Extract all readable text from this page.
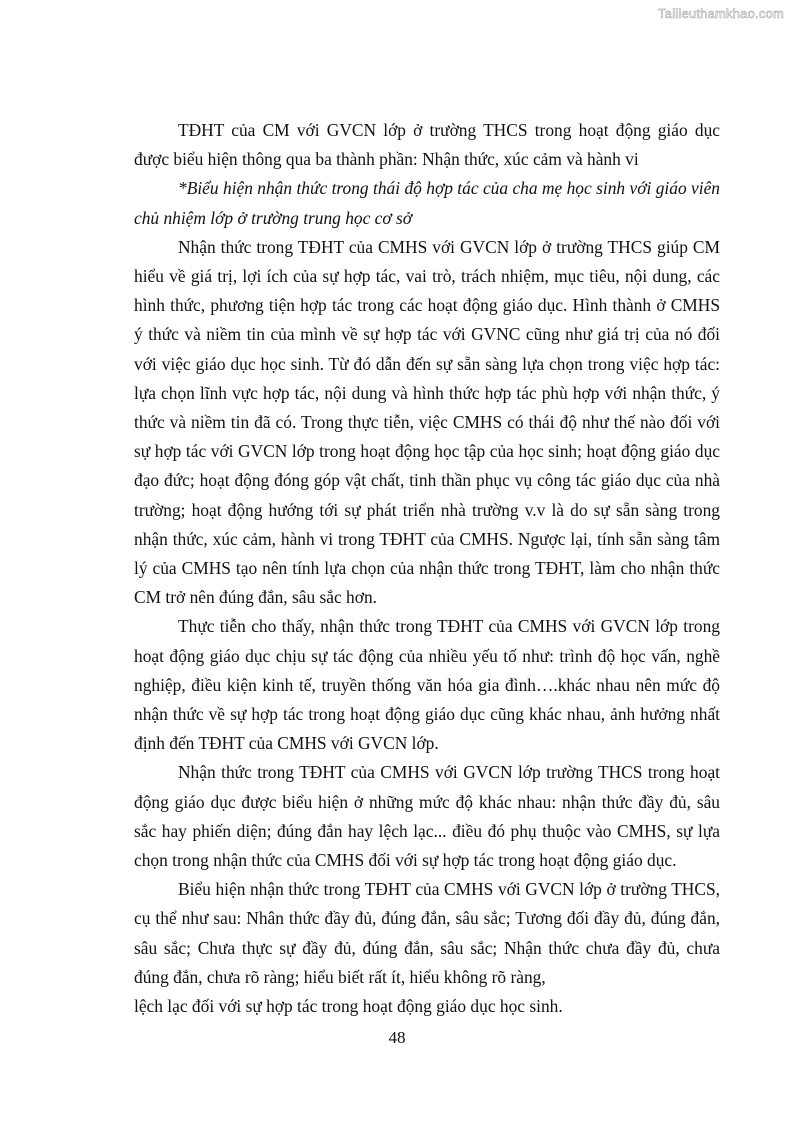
Tailieuthamkhao.com

TĐHT của CM với GVCN lớp ở trường THCS trong hoạt động giáo dục được biểu hiện thông qua ba thành phần: Nhận thức, xúc cảm và hành vi

*Biểu hiện nhận thức trong thái độ hợp tác của cha mẹ học sinh với giáo viên chủ nhiệm lớp ở trường trung học cơ sở

Nhận thức trong TĐHT của CMHS với GVCN lớp ở trường THCS giúp CM hiểu về giá trị, lợi ích của sự hợp tác, vai trò, trách nhiệm, mục tiêu, nội dung, các hình thức, phương tiện hợp tác trong các hoạt động giáo dục. Hình thành ở CMHS ý thức và niềm tin của mình về sự hợp tác với GVNC cũng như giá trị của nó đối với việc giáo dục học sinh. Từ đó dẫn đến sự sẵn sàng lựa chọn trong việc hợp tác: lựa chọn lĩnh vực hợp tác, nội dung và hình thức hợp tác phù hợp với nhận thức, ý thức và niềm tin đã có. Trong thực tiễn, việc CMHS có thái độ như thế nào đối với sự hợp tác với GVCN lớp trong hoạt động học tập của học sinh; hoạt động giáo dục đạo đức; hoạt động đóng góp vật chất, tinh thần phục vụ công tác giáo dục của nhà trường; hoạt động hướng tới sự phát triển nhà trường v.v là do sự sẵn sàng trong nhận thức, xúc cảm, hành vi trong TĐHT của CMHS. Ngược lại, tính sẵn sàng tâm lý của CMHS tạo nên tính lựa chọn của nhận thức trong TĐHT, làm cho nhận thức CM trở nên đúng đắn, sâu sắc hơn.

Thực tiễn cho thấy, nhận thức trong TĐHT của CMHS với GVCN lớp trong hoạt động giáo dục chịu sự tác động của nhiều yếu tố như: trình độ học vấn, nghề nghiệp, điều kiện kinh tế, truyền thống văn hóa gia đình….khác nhau nên mức độ nhận thức về sự hợp tác trong hoạt động giáo dục cũng khác nhau, ảnh hưởng nhất định đến TĐHT của CMHS với GVCN lớp.

Nhận thức trong TĐHT của CMHS với GVCN lớp trường THCS trong hoạt động giáo dục được biểu hiện ở những mức độ khác nhau: nhận thức đầy đủ, sâu sắc hay phiến diện; đúng đắn hay lệch lạc... điều đó phụ thuộc vào CMHS, sự lựa chọn trong nhận thức của CMHS đối với sự hợp tác trong hoạt động giáo dục.

Biểu hiện nhận thức trong TĐHT của CMHS với GVCN lớp ở trường THCS, cụ thể như sau: Nhân thức đầy đủ, đúng đắn, sâu sắc; Tương đối đầy đủ, đúng đắn, sâu sắc; Chưa thực sự đầy đủ, đúng đắn, sâu sắc; Nhận thức chưa đầy đủ, chưa đúng đắn, chưa rõ ràng; hiểu biết rất ít, hiểu không rõ ràng,

lệch lạc đối với sự hợp tác trong hoạt động giáo dục học sinh.

48
